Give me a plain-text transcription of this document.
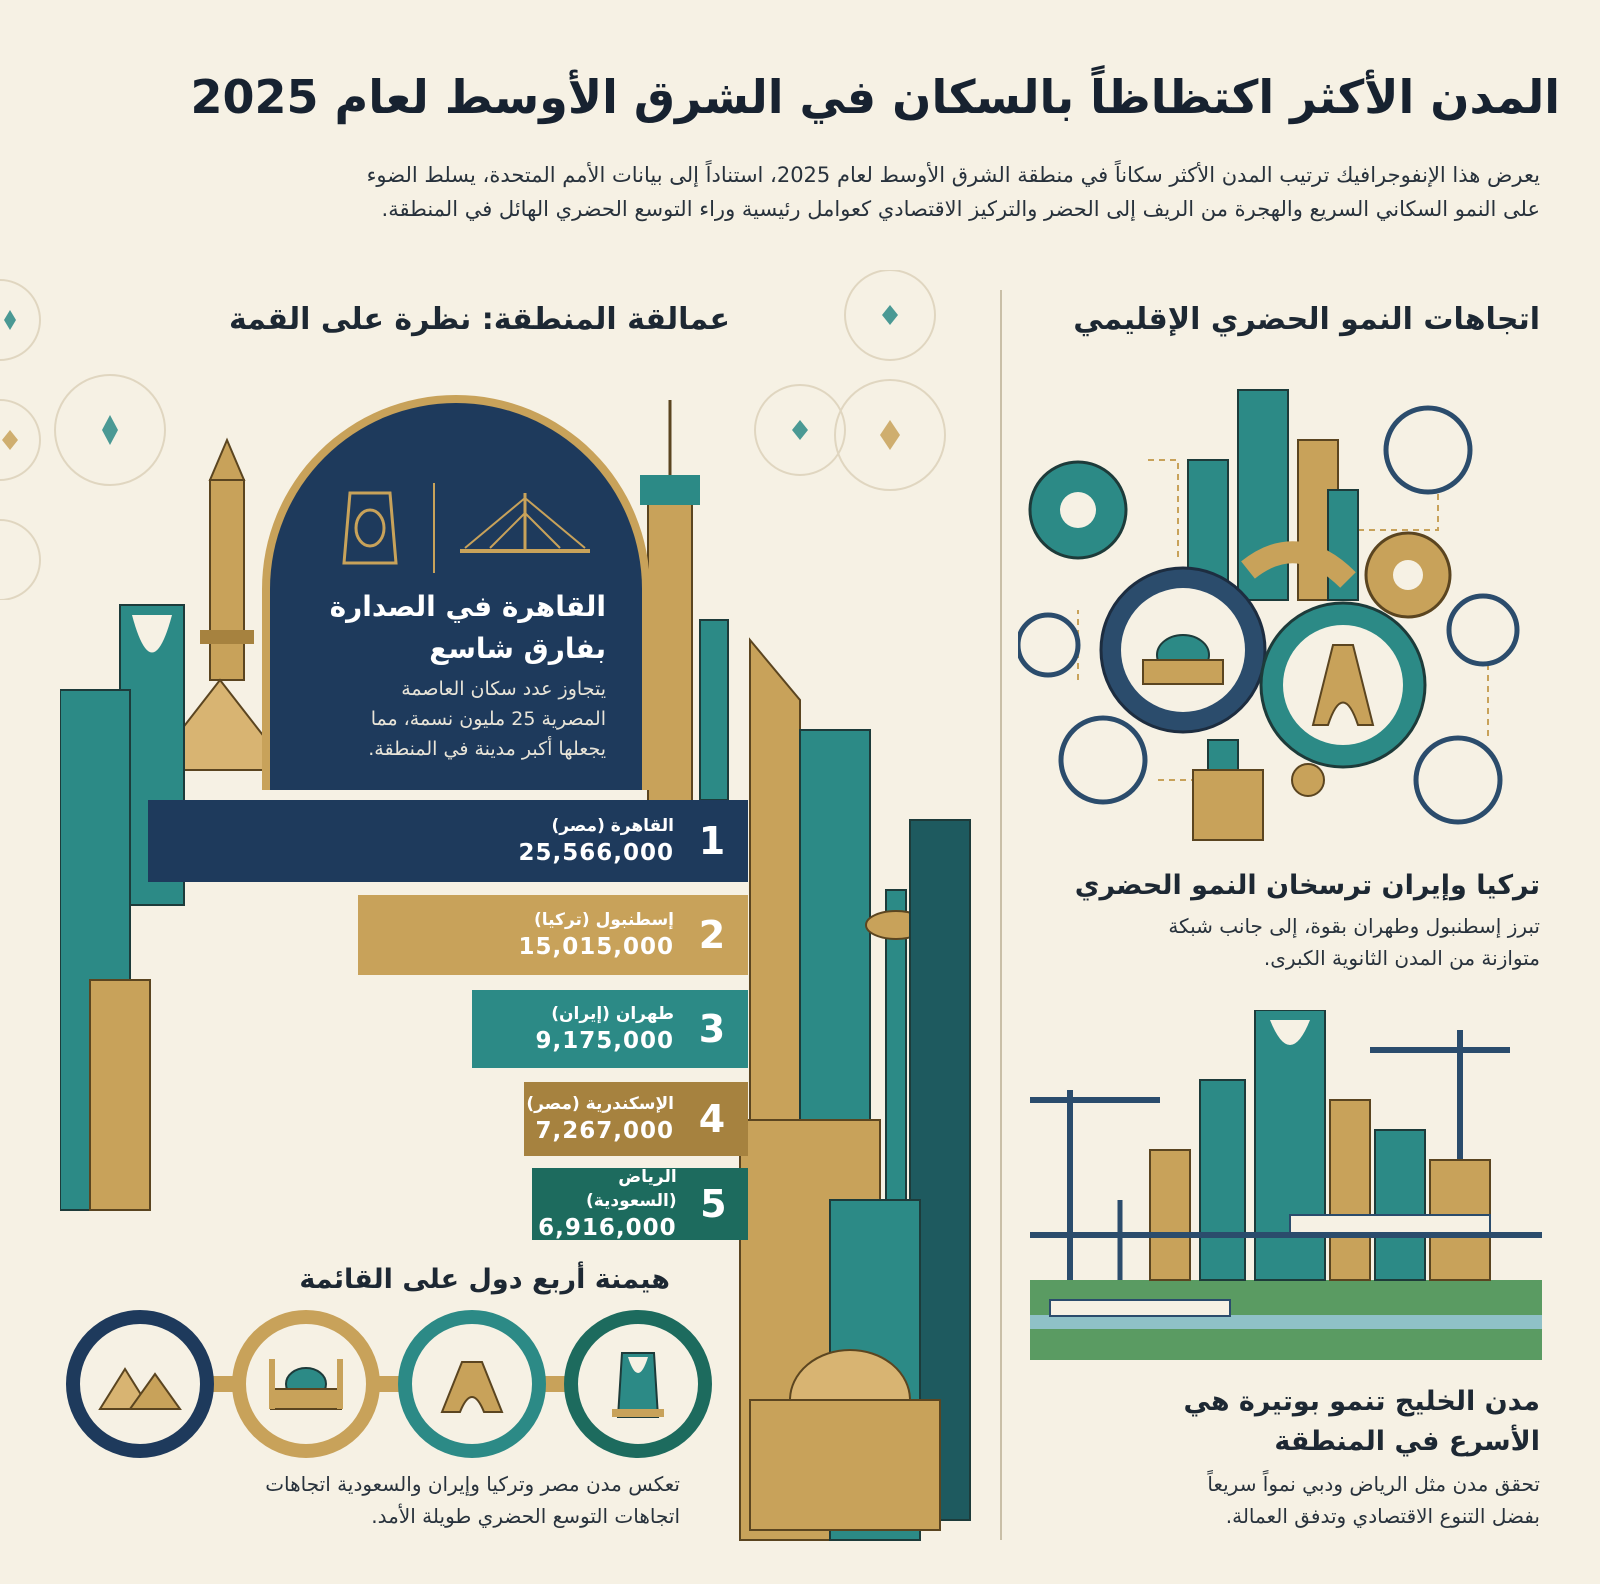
المدن الأكثر اكتظاظاً بالسكان في الشرق الأوسط لعام 2025
يعرض هذا الإنفوجرافيك ترتيب المدن الأكثر سكاناً في منطقة الشرق الأوسط لعام 2025، استناداً إلى بيانات الأمم المتحدة، يسلط الضوء
على النمو السكاني السريع والهجرة من الريف إلى الحضر والتركيز الاقتصادي كعوامل رئيسية وراء التوسع الحضري الهائل في المنطقة.
عمالقة المنطقة: نظرة على القمة
القاهرة في الصدارة
بفارق شاسع
يتجاوز عدد سكان العاصمة
المصرية 25 مليون نسمة، مما
يجعلها أكبر مدينة في المنطقة.
1
القاهرة (مصر)
25,566,000
2
إسطنبول (تركيا)
15,015,000
3
طهران (إيران)
9,175,000
4
الإسكندرية (مصر)
7,267,000
5
الرياض (السعودية)
6,916,000
هيمنة أربع دول على القائمة
تعكس مدن مصر وتركيا وإيران والسعودية اتجاهات
اتجاهات التوسع الحضري طويلة الأمد.
اتجاهات النمو الحضري الإقليمي
تركيا وإيران ترسخان النمو الحضري
تبرز إسطنبول وطهران بقوة، إلى جانب شبكة
متوازنة من المدن الثانوية الكبرى.
مدن الخليج تنمو بوتيرة هي
الأسرع في المنطقة
تحقق مدن مثل الرياض ودبي نمواً سريعاً
بفضل التنوع الاقتصادي وتدفق العمالة.
